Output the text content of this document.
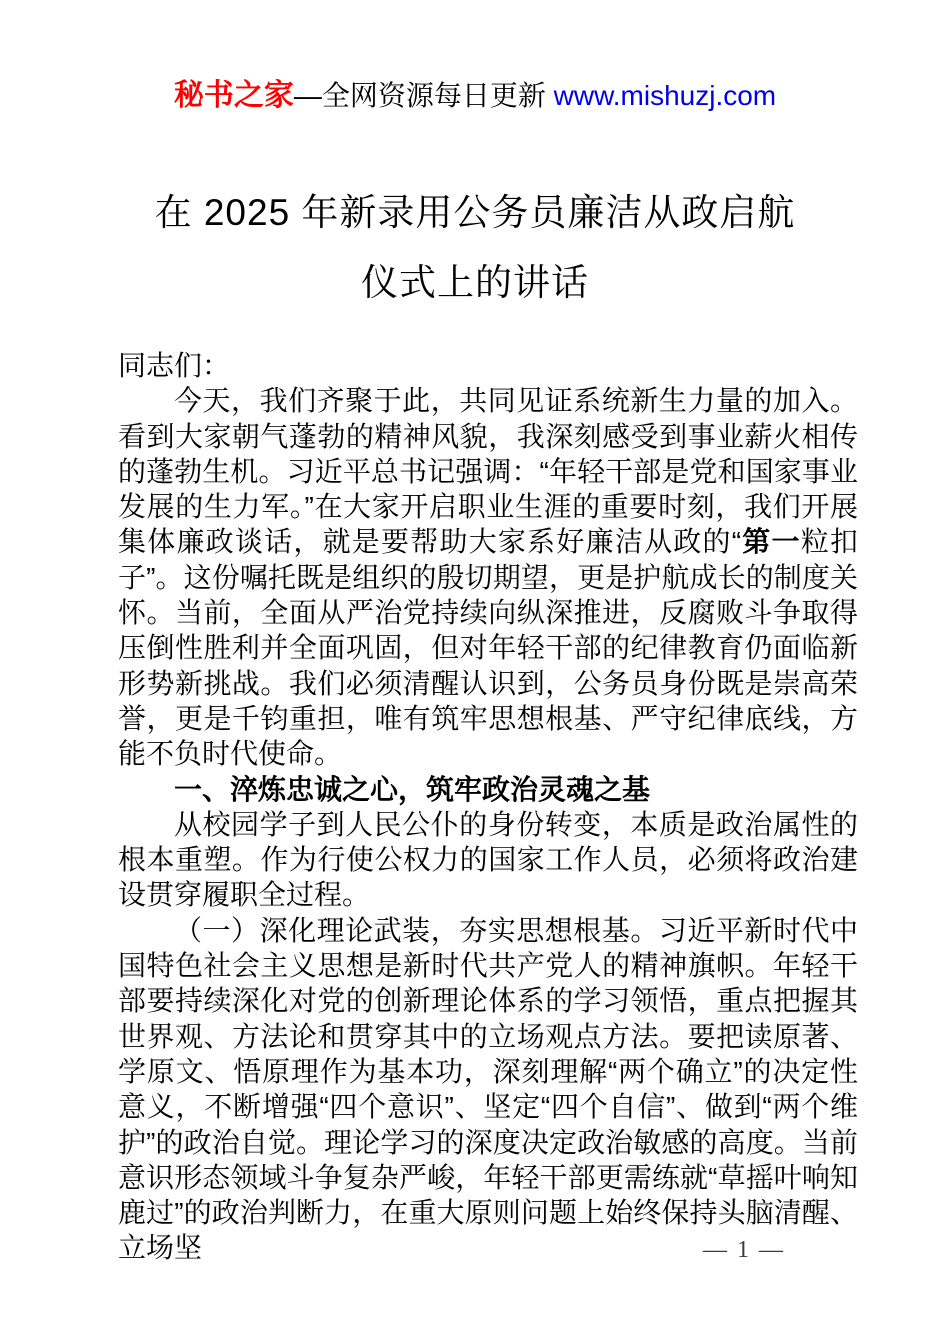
秘书之家—全网资源每日更新 www.mishuzj.com
在 2025 年新录用公务员廉洁从政启航
仪式上的讲话

同志们：

今天，我们齐聚于此，共同见证系统新生力量的加入。看到大家朝气蓬勃的精神风貌，我深刻感受到事业薪火相传的蓬勃生机。习近平总书记强调：“年轻干部是党和国家事业发展的生力军。”在大家开启职业生涯的重要时刻，我们开展集体廉政谈话，就是要帮助大家系好廉洁从政的“第一粒扣子”。这份嘱托既是组织的殷切期望，更是护航成长的制度关怀。当前，全面从严治党持续向纵深推进，反腐败斗争取得压倒性胜利并全面巩固，但对年轻干部的纪律教育仍面临新形势新挑战。我们必须清醒认识到，公务员身份既是崇高荣誉，更是千钧重担，唯有筑牢思想根基、严守纪律底线，方能不负时代使命。

一、淬炼忠诚之心，筑牢政治灵魂之基

从校园学子到人民公仆的身份转变，本质是政治属性的根本重塑。作为行使公权力的国家工作人员，必须将政治建设贯穿履职全过程。

（一）深化理论武装，夯实思想根基。习近平新时代中国特色社会主义思想是新时代共产党人的精神旗帜。年轻干部要持续深化对党的创新理论体系的学习领悟，重点把握其世界观、方法论和贯穿其中的立场观点方法。要把读原著、学原文、悟原理作为基本功，深刻理解“两个确立”的决定性意义，不断增强“四个意识”、坚定“四个自信”、做到“两个维护”的政治自觉。理论学习的深度决定政治敏感的高度。当前意识形态领域斗争复杂严峻，年轻干部更需练就“草摇叶响知鹿过”的政治判断力，在重大原则问题上始终保持头脑清醒、立场坚	— 1 —
